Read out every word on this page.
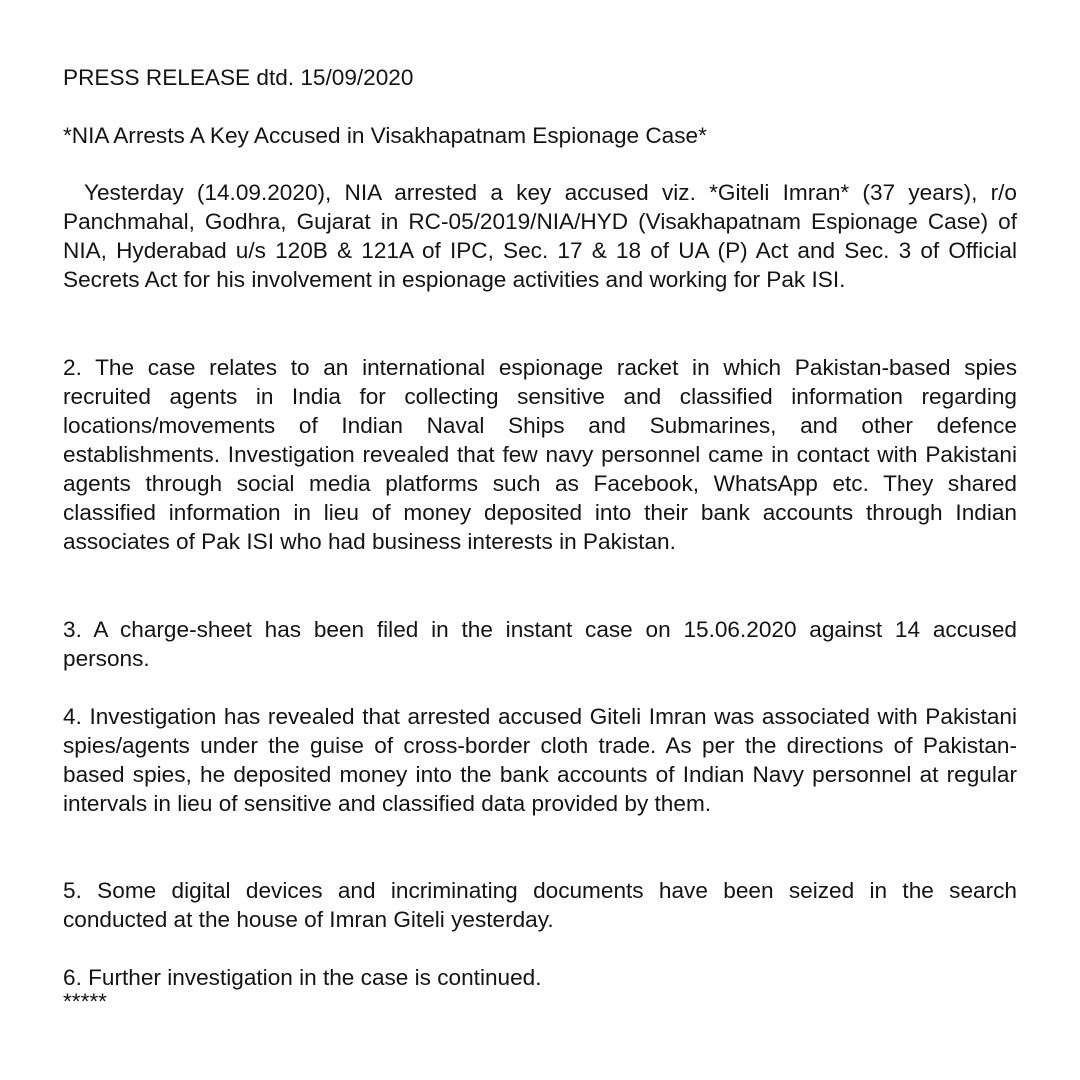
PRESS RELEASE dtd. 15/09/2020

*NIA Arrests A Key Accused in Visakhapatnam Espionage Case*

Yesterday (14.09.2020), NIA arrested a key accused viz. *Giteli Imran* (37 years), r/o Panchmahal, Godhra, Gujarat in RC-05/2019/NIA/HYD (Visakhapatnam Espionage Case) of NIA, Hyderabad u/s 120B & 121A of IPC, Sec. 17 & 18 of UA (P) Act and Sec. 3 of Official Secrets Act for his involvement in espionage activities and working for Pak ISI.

2. The case relates to an international espionage racket in which Pakistan-based spies recruited agents in India for collecting sensitive and classified information regarding locations/movements of Indian Naval Ships and Submarines, and other defence establishments. Investigation revealed that few navy personnel came in contact with Pakistani agents through social media platforms such as Facebook, WhatsApp etc. They shared classified information in lieu of money deposited into their bank accounts through Indian associates of Pak ISI who had business interests in Pakistan.

3. A charge-sheet has been filed in the instant case on 15.06.2020 against 14 accused persons.

4. Investigation has revealed that arrested accused Giteli Imran was associated with Pakistani spies/agents under the guise of cross-border cloth trade. As per the directions of Pakistan-based spies, he deposited money into the bank accounts of Indian Navy personnel at regular intervals in lieu of sensitive and classified data provided by them.

5. Some digital devices and incriminating documents have been seized in the search conducted at the house of Imran Giteli yesterday.

6. Further investigation in the case is continued.

*****
